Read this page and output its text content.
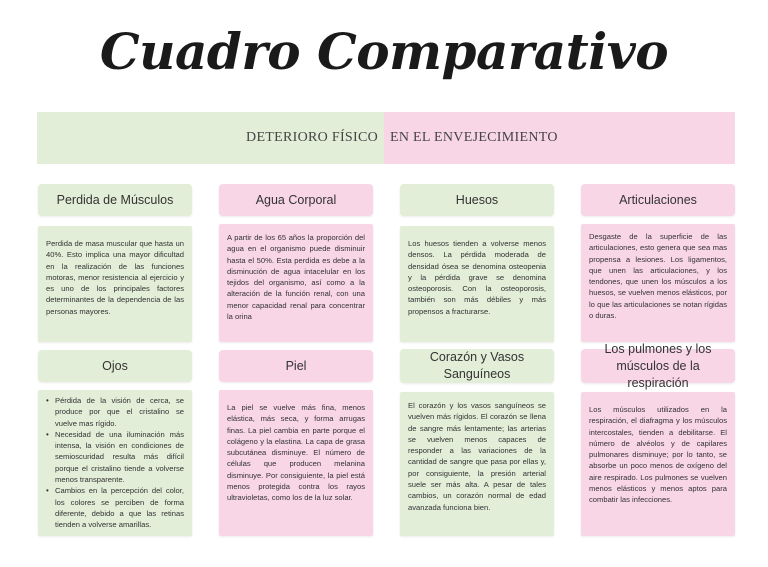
Cuadro Comparativo
DETERIORO FÍSICO EN EL ENVEJECIMIENTO
Perdida de Músculos	Agua Corporal	Huesos	Articulaciones
Perdida de masa muscular que hasta un 40%. Esto implica una mayor dificultad en la realización de las funciones motoras, menor resistencia al ejercicio y es uno de los principales factores determinantes de la dependencia de las personas mayores.
A partir de los 65 años la proporción del agua en el organismo puede disminuir hasta el 50%. Esta perdida es debe a la disminución de agua intacelular en los tejidos del organismo, así como a la alteración de la función renal, con una menor capacidad renal para concentrar la orina
Los huesos tienden a volverse menos densos. La pérdida moderada de densidad ósea se denomina osteopenia y la pérdida grave se denomina osteoporosis. Con la osteoporosis, también son más débiles y más propensos a fracturarse.
Desgaste de la superficie de las articulaciones, esto genera que sea mas propensa a lesiones. Los ligamentos, que unen las articulaciones, y los tendones, que unen los músculos a los huesos, se vuelven menos elásticos, por lo que las articulaciones se notan rígidas o duras.
Ojos	Piel
Corazón y Vasos Sanguíneos
Los pulmones y los músculos de la respiración
• Pérdida de la visión de cerca, se produce por que el cristalino se vuelve mas rígido.
• Necesidad de una iluminación más intensa, la visión en condiciones de semioscuridad resulta más difícil porque el cristalino tiende a volverse menos transparente.
• Cambios en la percepción del color, los colores se perciben de forma diferente, debido a que las retinas tienden a volverse amarillas.
La piel se vuelve más fina, menos elástica, más seca, y forma arrugas finas. La piel cambia en parte porque el colágeno y la elastina. La capa de grasa subcutánea disminuye. El número de células que producen melanina disminuye. Por consiguiente, la piel está menos protegida contra los rayos ultravioletas, como los de la luz solar.
El corazón y los vasos sanguíneos se vuelven más rígidos. El corazón se llena de sangre más lentamente; las arterias se vuelven menos capaces de responder a las variaciones de la cantidad de sangre que pasa por ellas y, por consiguiente, la presión arterial suele ser más alta. A pesar de tales cambios, un corazón normal de edad avanzada funciona bien.
Los músculos utilizados en la respiración, el diafragma y los músculos intercostales, tienden a debilitarse. El número de alvéolos y de capilares pulmonares disminuye; por lo tanto, se absorbe un poco menos de oxígeno del aire respirado. Los pulmones se vuelven menos elásticos y menos aptos para combatir las infecciones.
